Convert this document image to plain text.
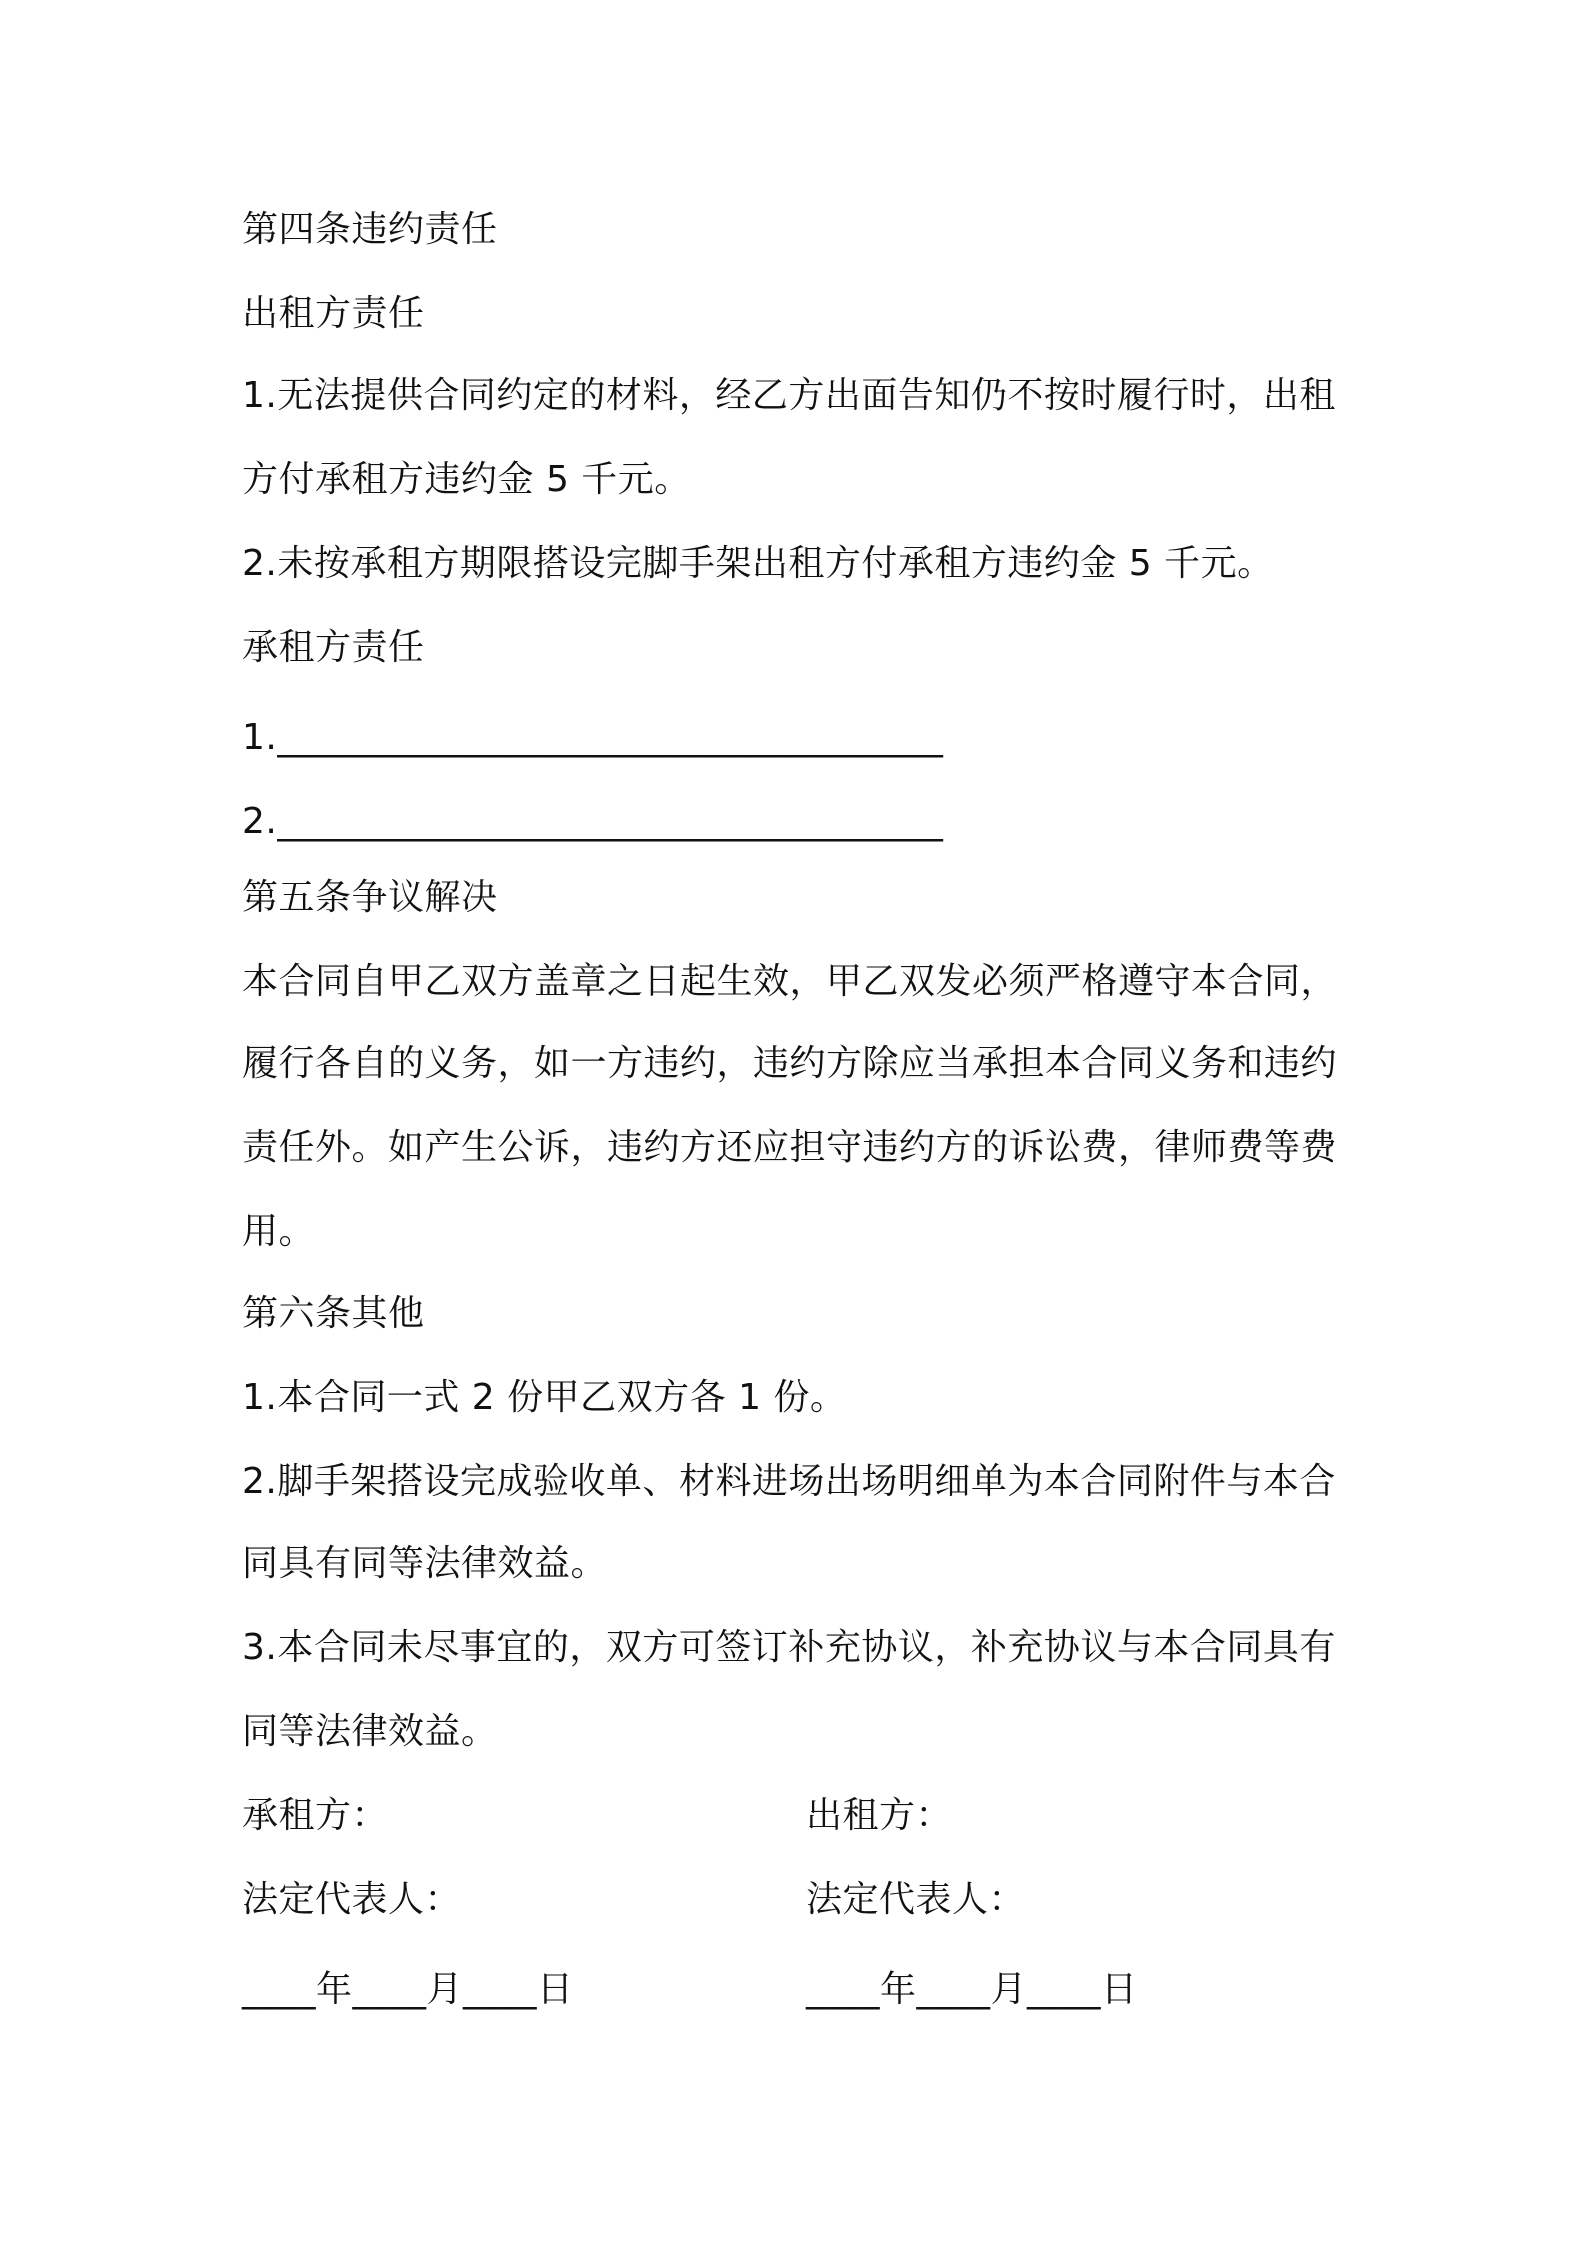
第四条违约责任
出租方责任
1.无法提供合同约定的材料，经乙方出面告知仍不按时履行时，出租
方付承租方违约金 5 千元。
2.未按承租方期限搭设完脚手架出租方付承租方违约金 5 千元。
承租方责任
1.____________________________________
2.____________________________________
第五条争议解决
本合同自甲乙双方盖章之日起生效，甲乙双发必须严格遵守本合同，
履行各自的义务，如一方违约，违约方除应当承担本合同义务和违约
责任外。如产生公诉，违约方还应担守违约方的诉讼费，律师费等费
用。
第六条其他
1.本合同一式 2 份甲乙双方各 1 份。
2.脚手架搭设完成验收单、材料进场出场明细单为本合同附件与本合
同具有同等法律效益。
3.本合同未尽事宜的，双方可签订补充协议，补充协议与本合同具有
同等法律效益。
承租方：	出租方：
法定代表人：	法定代表人：
____年____月____日	____年____月____日
